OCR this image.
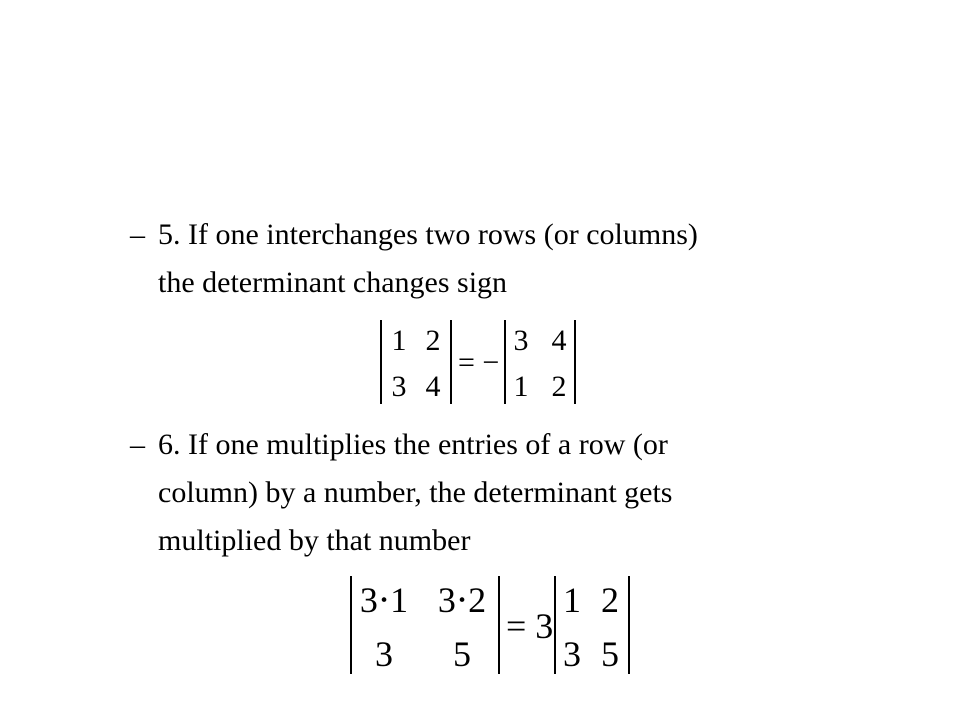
– 5. If one interchanges two rows (or columns)
the determinant changes sign
1 2
3 4
= −
3 4
1 2
– 6. If one multiplies the entries of a row (or
column) by a number, the determinant gets
multiplied by that number
3⋅1 3⋅2
3	5
= 3
1 2
3 5
